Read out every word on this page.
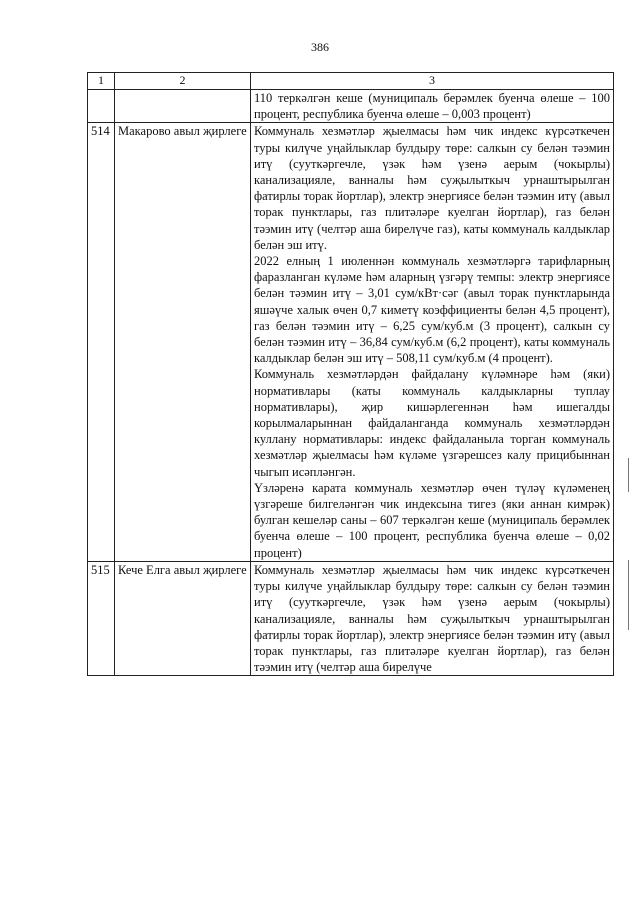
386
1	2	3

		110 теркәлгән кеше (муниципаль берәмлек буенча өлеше – 100 процент, республика буенча өлеше – 0,003 процент)

514	Макарово авыл җирлеге	Коммуналь хезмәтләр җыелмасы һәм чик индекс күрсәткечен туры килүче уңайлыклар булдыру төре: салкын су белән тәэмин итү (сууткәргечле, үзәк һәм үзенә аерым (чокырлы) канализацияле, ванналы һәм суҗылыткыч урнаштырылган фатирлы торак йортлар), электр энергиясе белән тәэмин итү (авыл торак пунктлары, газ плитәләре куелган йортлар), газ белән тәэмин итү (челтәр аша бирелүче газ), каты коммуналь калдыклар белән эш итү.

2022 елның 1 июленнән коммуналь хезмәтләргә тарифларның фаразланган күләме һәм аларның үзгәрү темпы: электр энергиясе белән тәэмин итү – 3,01 сум/кВт·сәг (авыл торак пунктларында яшәүче халык өчен 0,7 киметү коэффициенты белән 4,5 процент), газ белән тәэмин итү – 6,25 сум/куб.м (3 процент), салкын су белән тәэмин итү – 36,84 сум/куб.м (6,2 процент), каты коммуналь калдыклар белән эш итү – 508,11 сум/куб.м (4 процент).

Коммуналь хезмәтләрдән файдалану күләмнәре һәм (яки) нормативлары (каты коммуналь калдыкларны туплау нормативлары), җир кишәрлегеннән һәм ишегалды корылмаларыннан файдаланганда коммуналь хезмәтләрдән куллану нормативлары: индекс файдаланыла торган коммуналь хезмәтләр җыелмасы һәм күләме үзгәрешсез калу прицибыннан чыгып исәпләнгән.

Үзләренә карата коммуналь хезмәтләр өчен түләү күләменең үзгәреше билгеләнгән чик индексына тигез (яки аннан кимрәк) булган кешеләр саны – 607 теркәлгән кеше (муниципаль берәмлек буенча өлеше – 100 процент, республика буенча өлеше – 0,02 процент)

515	Кече Елга авыл җирлеге	Коммуналь хезмәтләр җыелмасы һәм чик индекс күрсәткечен туры килүче уңайлыклар булдыру төре: салкын су белән тәэмин итү (сууткәргечле, үзәк һәм үзенә аерым (чокырлы) канализацияле, ванналы һәм суҗылыткыч урнаштырылган фатирлы торак йортлар), электр энергиясе белән тәэмин итү (авыл торак пунктлары, газ плитәләре куелган йортлар), газ белән тәэмин итү (челтәр аша бирелүче
